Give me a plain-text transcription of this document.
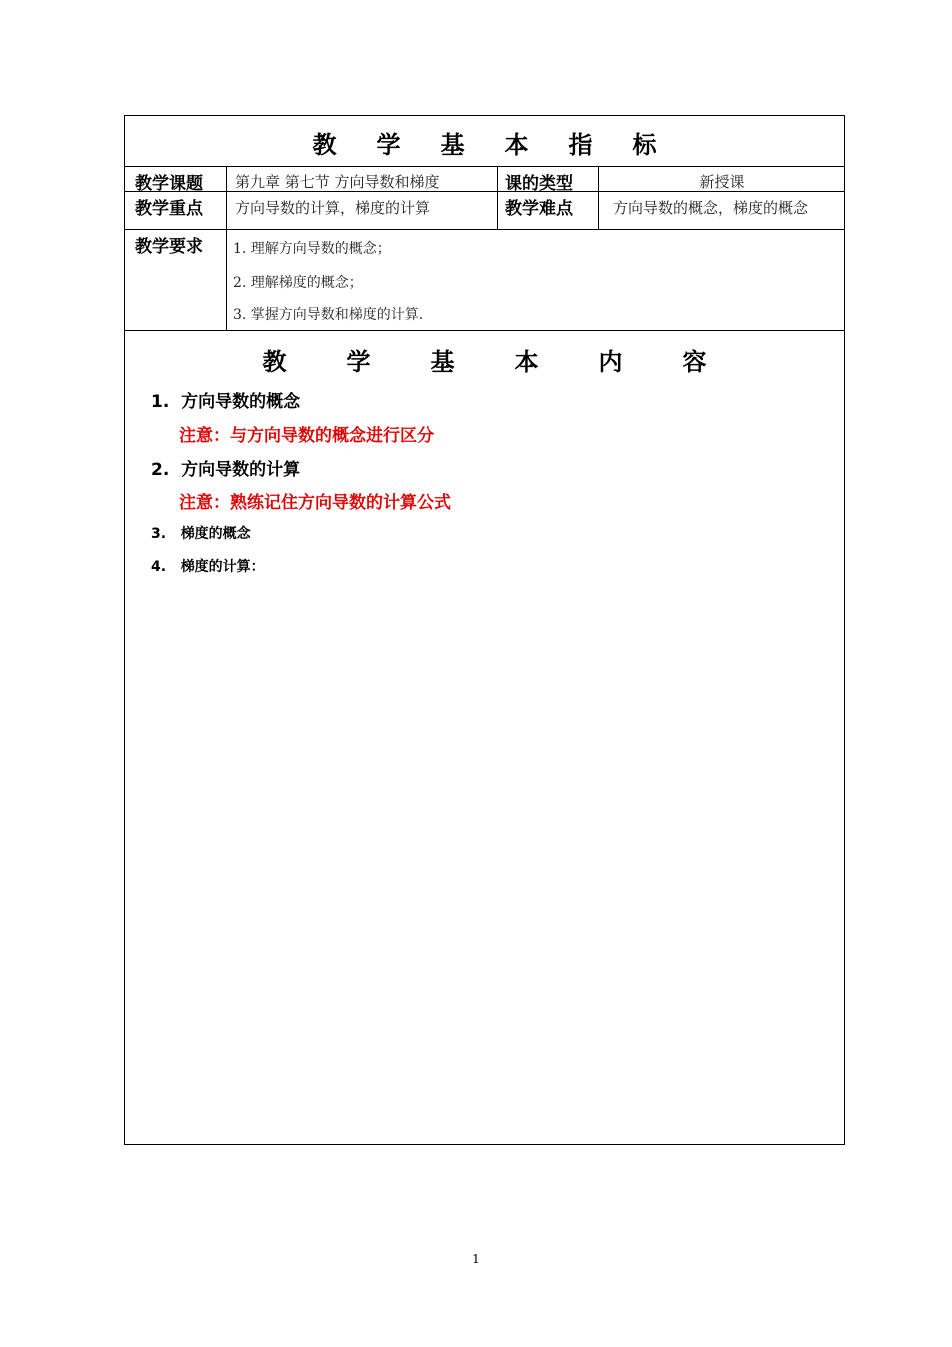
教 学 基 本 指 标
教学课题 第九章 第七节 方向导数和梯度	课的类型	新授课
教学重点 方向导数的计算，梯度的计算	教学难点	方向导数的概念，梯度的概念
教学要求 1. 理解方向导数的概念；
2. 理解梯度的概念；
3. 掌握方向导数和梯度的计算.
教	学	基	本	内	容
1. 方向导数的概念
注意：与方向导数的概念进行区分
2. 方向导数的计算
注意：熟练记住方向导数的计算公式
3. 梯度的概念
4. 梯度的计算：
1
